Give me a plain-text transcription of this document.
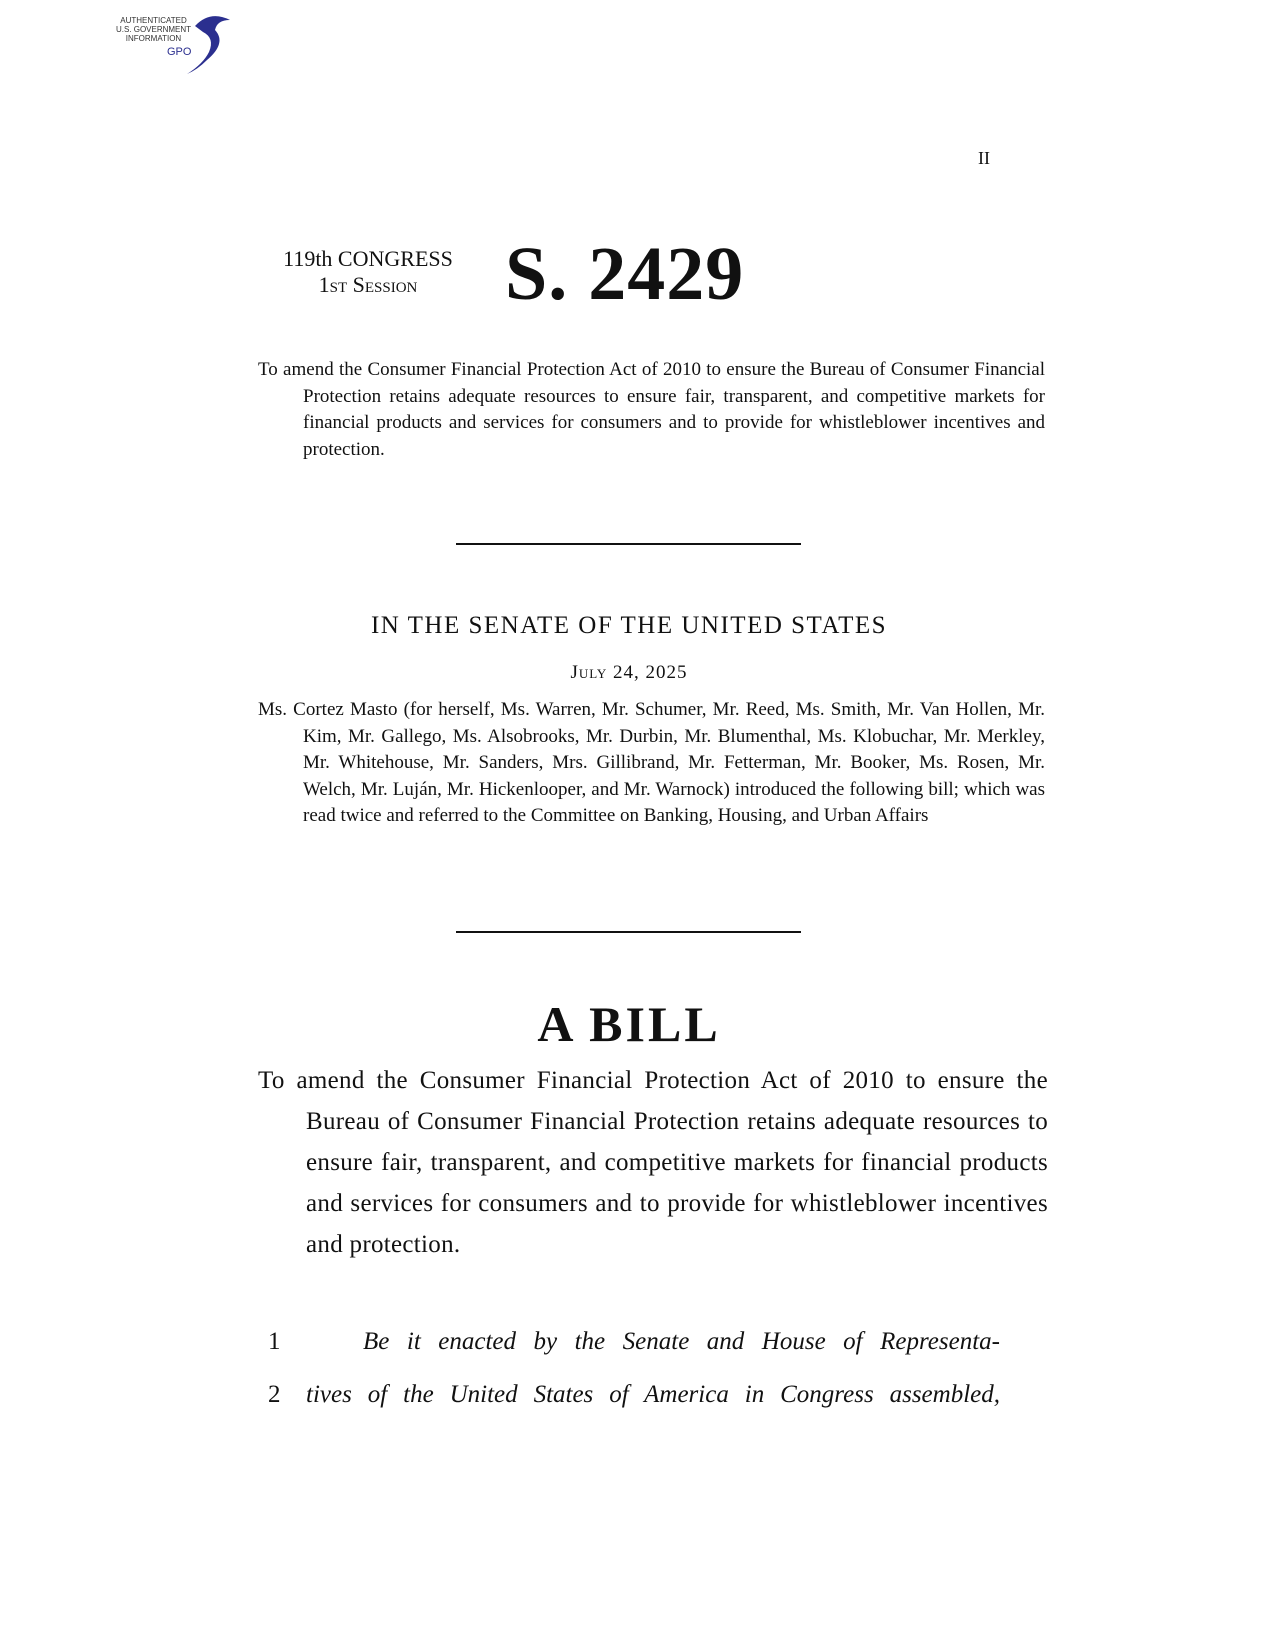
AUTHENTICATED
U.S. GOVERNMENT
INFORMATION
GPO
II
119th CONGRESS
1st Session	S. 2429
To amend the Consumer Financial Protection Act of 2010 to ensure the Bureau of Consumer Financial Protection retains adequate resources to ensure fair, transparent, and competitive markets for financial products and services for consumers and to provide for whistleblower incentives and protection.
IN THE SENATE OF THE UNITED STATES
July 24, 2025
Ms. Cortez Masto (for herself, Ms. Warren, Mr. Schumer, Mr. Reed, Ms. Smith, Mr. Van Hollen, Mr. Kim, Mr. Gallego, Ms. Alsobrooks, Mr. Durbin, Mr. Blumenthal, Ms. Klobuchar, Mr. Merkley, Mr. Whitehouse, Mr. Sanders, Mrs. Gillibrand, Mr. Fetterman, Mr. Booker, Ms. Rosen, Mr. Welch, Mr. Luján, Mr. Hickenlooper, and Mr. Warnock) introduced the following bill; which was read twice and referred to the Committee on Banking, Housing, and Urban Affairs
A BILL
To amend the Consumer Financial Protection Act of 2010 to ensure the Bureau of Consumer Financial Protection retains adequate resources to ensure fair, transparent, and competitive markets for financial products and services for consumers and to provide for whistleblower incentives and protection.
1	Be it enacted by the Senate and House of Representa-
2 tives of the United States of America in Congress assembled,
